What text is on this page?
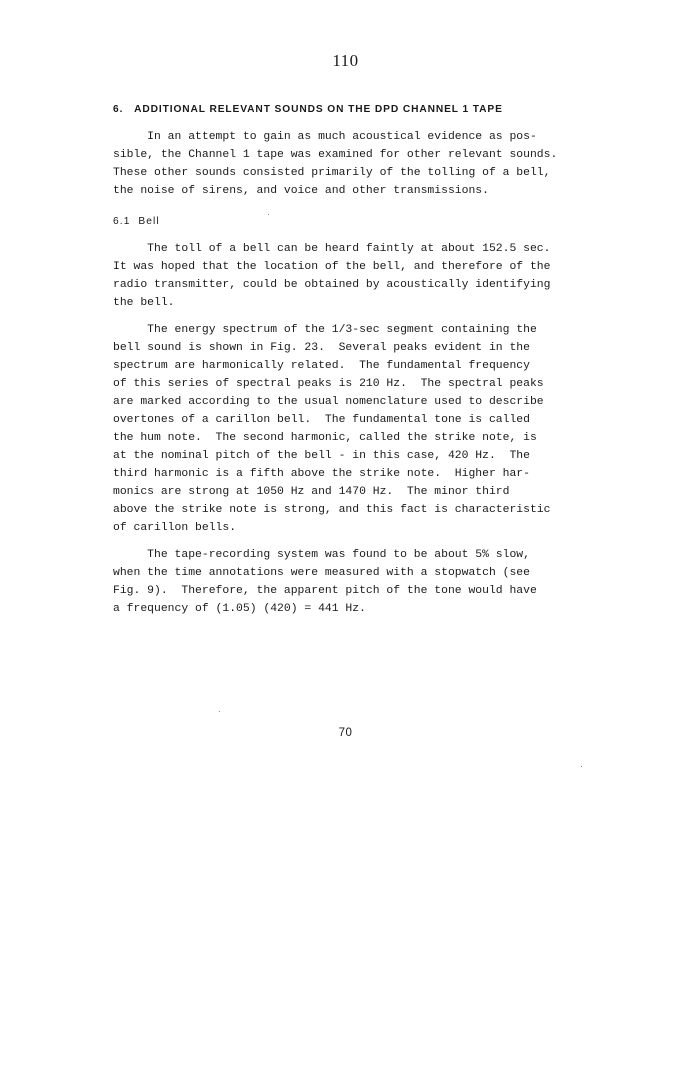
110
6.   ADDITIONAL RELEVANT SOUNDS ON THE DPD CHANNEL 1 TAPE
In an attempt to gain as much acoustical evidence as pos-
sible, the Channel 1 tape was examined for other relevant sounds.
These other sounds consisted primarily of the tolling of a bell,
the noise of sirens, and voice and other transmissions.
6.1  Bell
The toll of a bell can be heard faintly at about 152.5 sec.
It was hoped that the location of the bell, and therefore of the
radio transmitter, could be obtained by acoustically identifying
the bell.
The energy spectrum of the 1/3-sec segment containing the
bell sound is shown in Fig. 23.  Several peaks evident in the
spectrum are harmonically related.  The fundamental frequency
of this series of spectral peaks is 210 Hz.  The spectral peaks
are marked according to the usual nomenclature used to describe
overtones of a carillon bell.  The fundamental tone is called
the hum note.  The second harmonic, called the strike note, is
at the nominal pitch of the bell - in this case, 420 Hz.  The
third harmonic is a fifth above the strike note.  Higher har-
monics are strong at 1050 Hz and 1470 Hz.  The minor third
above the strike note is strong, and this fact is characteristic
of carillon bells.
The tape-recording system was found to be about 5% slow,
when the time annotations were measured with a stopwatch (see
Fig. 9).  Therefore, the apparent pitch of the tone would have
a frequency of (1.05) (420) = 441 Hz.
70
